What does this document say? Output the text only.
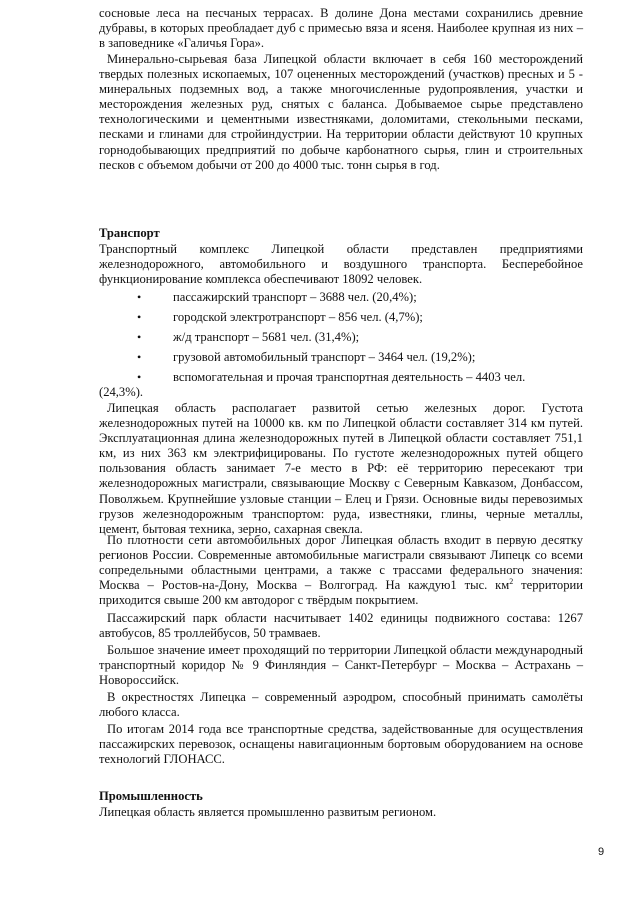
сосновые леса на песчаных террасах. В долине Дона местами сохранились древние дубравы, в которых преобладает дуб с примесью вяза и ясеня. Наиболее крупная из них – в заповеднике «Галичья Гора».

Минерально-сырьевая база Липецкой области включает в себя 160 месторождений твердых полезных ископаемых, 107 оцененных месторождений (участков) пресных и 5 - минеральных подземных вод, а также многочисленные рудопроявления, участки и месторождения железных руд, снятых с баланса. Добываемое сырье представлено технологическими и цементными известняками, доломитами, стекольными песками, песками и глинами для стройиндустрии. На территории области действуют 10 крупных горнодобывающих предприятий по добыче карбонатного сырья, глин и строительных песков с объемом добычи от 200 до 4000 тыс. тонн сырья в год.

Транспорт

Транспортный комплекс Липецкой области представлен предприятиями железнодорожного, автомобильного и воздушного транспорта. Бесперебойное функционирование комплекса обеспечивают 18092 человек.

•	пассажирский транспорт – 3688 чел. (20,4%);
•	городской электротранспорт – 856 чел. (4,7%);
•	ж/д транспорт – 5681 чел. (31,4%);
•	грузовой автомобильный транспорт – 3464 чел. (19,2%);
•	вспомогательная и прочая транспортная деятельность – 4403 чел.

(24,3%).

Липецкая область располагает развитой сетью железных дорог. Густота железнодорожных путей на 10000 кв. км по Липецкой области составляет 314 км путей. Эксплуатационная длина железнодорожных путей в Липецкой области составляет 751,1 км, из них 363 км электрифицированы. По густоте железнодорожных путей общего пользования область занимает 7-е место в РФ: её территорию пересекают три железнодорожных магистрали, связывающие Москву с Северным Кавказом, Донбассом, Поволжьем. Крупнейшие узловые станции – Елец и Грязи. Основные виды перевозимых грузов железнодорожным транспортом: руда, известняки, глины, черные металлы, цемент, бытовая техника, зерно, сахарная свекла.

По плотности сети автомобильных дорог Липецкая область входит в первую десятку регионов России. Современные автомобильные магистрали связывают Липецк со всеми сопредельными областными центрами, а также с трассами федерального значения: Москва – Ростов-на-Дону, Москва – Волгоград. На каждую1 тыс. $км^2$ территории приходится свыше 200 км автодорог с твёрдым покрытием.

Пассажирский парк области насчитывает 1402 единицы подвижного состава: 1267 автобусов, 85 троллейбусов, 50 трамваев.

Большое значение имеет проходящий по территории Липецкой области международный транспортный коридор № 9 Финляндия – Санкт-Петербург – Москва – Астрахань – Новороссийск.

В окрестностях Липецка – современный аэродром, способный принимать самолёты любого класса.

По итогам 2014 года все транспортные средства, задействованные для осуществления пассажирских перевозок, оснащены навигационным бортовым оборудованием на основе технологий ГЛОНАСС.

Промышленность

Липецкая область является промышленно развитым регионом.

9
